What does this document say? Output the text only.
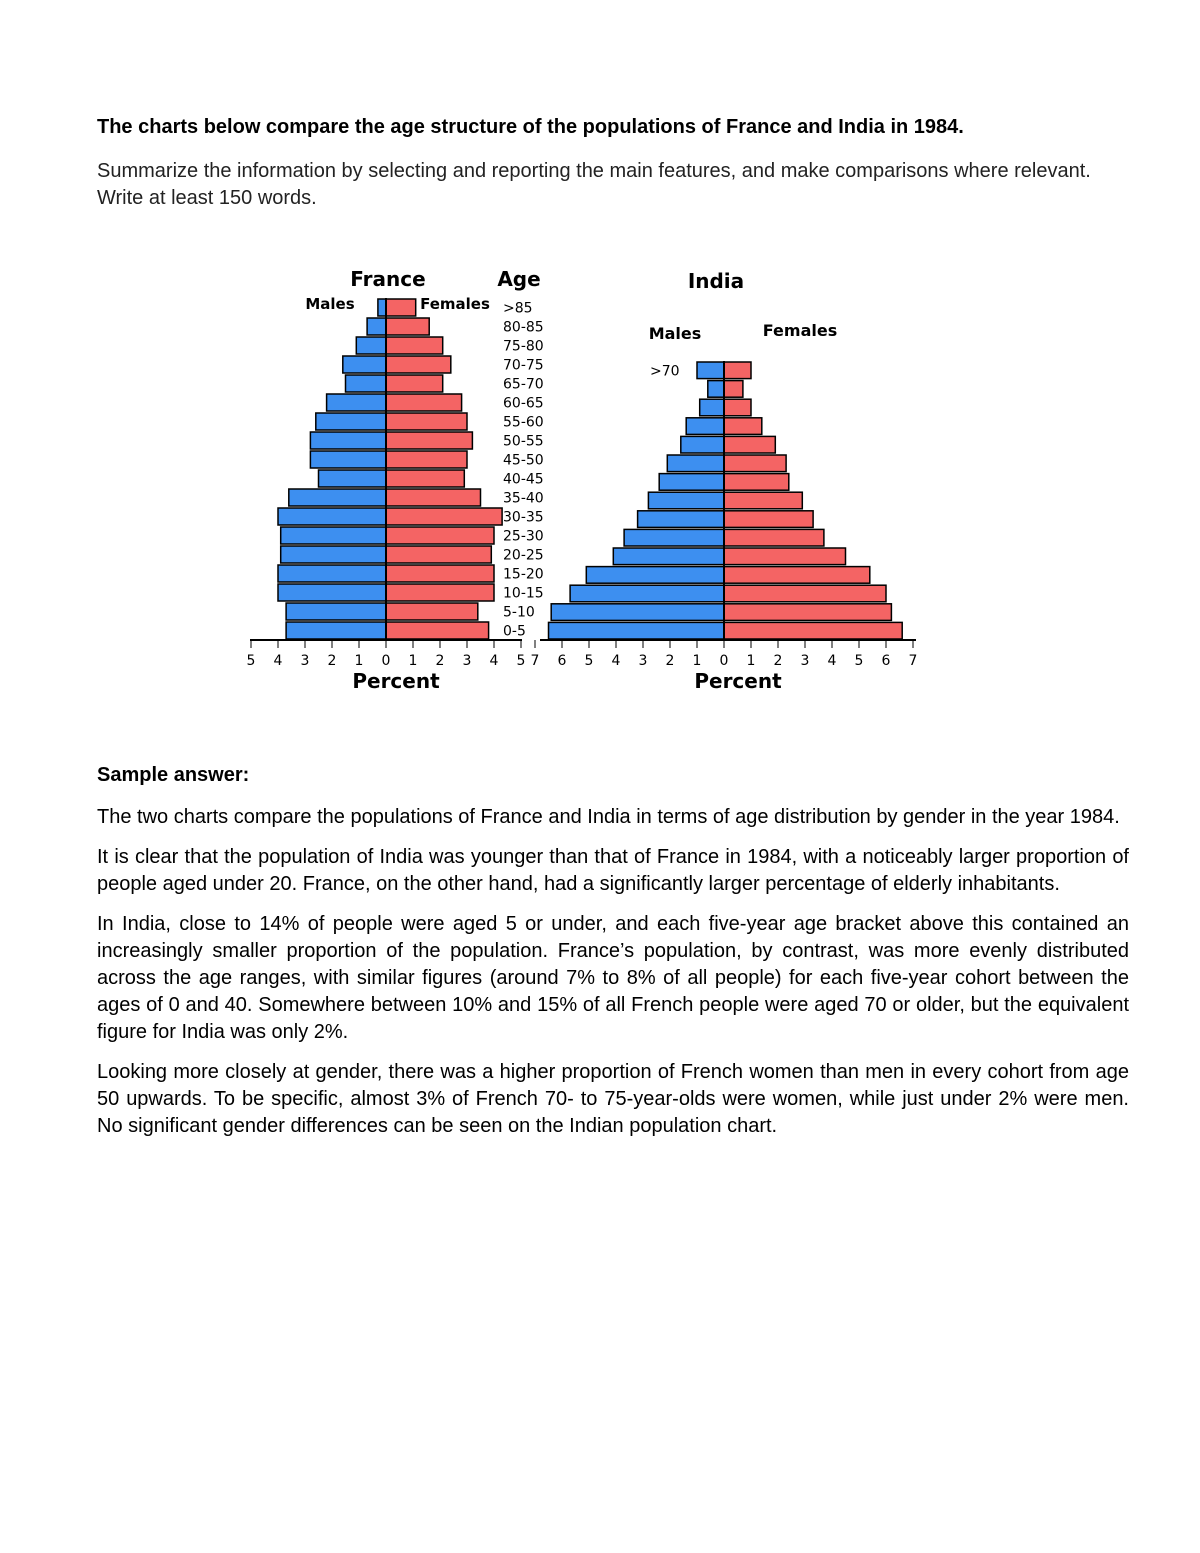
The charts below compare the age structure of the populations of France and India in 1984.

Summarize the information by selecting and reporting the main features, and make comparisons where relevant.

Write at least 150 words.

France	Age
Males	Females
0-5
5-10
10-15
15-20
20-25
25-30
30-35
35-40
40-45
45-50
50-55
55-60
60-65
65-70
70-75
75-80
80-85
>85
5 4 3 2 1 0 1 2 3 4 5
Percent
India
Males	Females
>70
7 6 5 4 3 2 1 0 1 2 3 4 5 6 7
Percent

Sample answer:

The two charts compare the populations of France and India in terms of age distribution by gender in the year 1984.

It is clear that the population of India was younger than that of France in 1984, with a noticeably larger proportion of people aged under 20. France, on the other hand, had a significantly larger percentage of elderly inhabitants.

In India, close to 14% of people were aged 5 or under, and each five-year age bracket above this contained an increasingly smaller proportion of the population. France’s population, by contrast, was more evenly distributed across the age ranges, with similar figures (around 7% to 8% of all people) for each five-year cohort between the ages of 0 and 40. Somewhere between 10% and 15% of all French people were aged 70 or older, but the equivalent figure for India was only 2%.

Looking more closely at gender, there was a higher proportion of French women than men in every cohort from age 50 upwards. To be specific, almost 3% of French 70- to 75-year-olds were women, while just under 2% were men. No significant gender differences can be seen on the Indian population chart.
